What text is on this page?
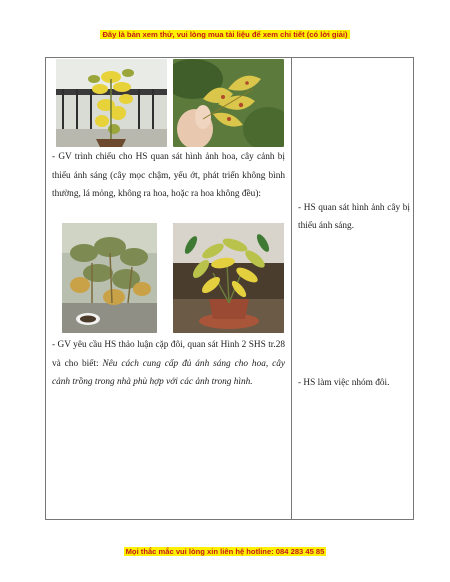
Đây là bản xem thử, vui lòng mua tài liệu để xem chi tiết (có lời giải)

- GV trình chiếu cho HS quan sát hình ảnh hoa, cây cảnh bị thiếu ánh sáng (cây mọc chậm, yếu ớt, phát triển không bình thường, lá mỏng, không ra hoa, hoặc ra hoa không đều):

- GV yêu cầu HS thảo luận cặp đôi, quan sát Hình 2 SHS tr.28 và cho biết: Nêu cách cung cấp đủ ánh sáng cho hoa, cây cảnh trồng trong nhà phù hợp với các ảnh trong hình.

- HS quan sát hình ảnh cây bị thiếu ánh sáng.

- HS làm việc nhóm đôi.

Mọi thắc mắc vui lòng xin liên hệ hotline: 084 283 45 85
